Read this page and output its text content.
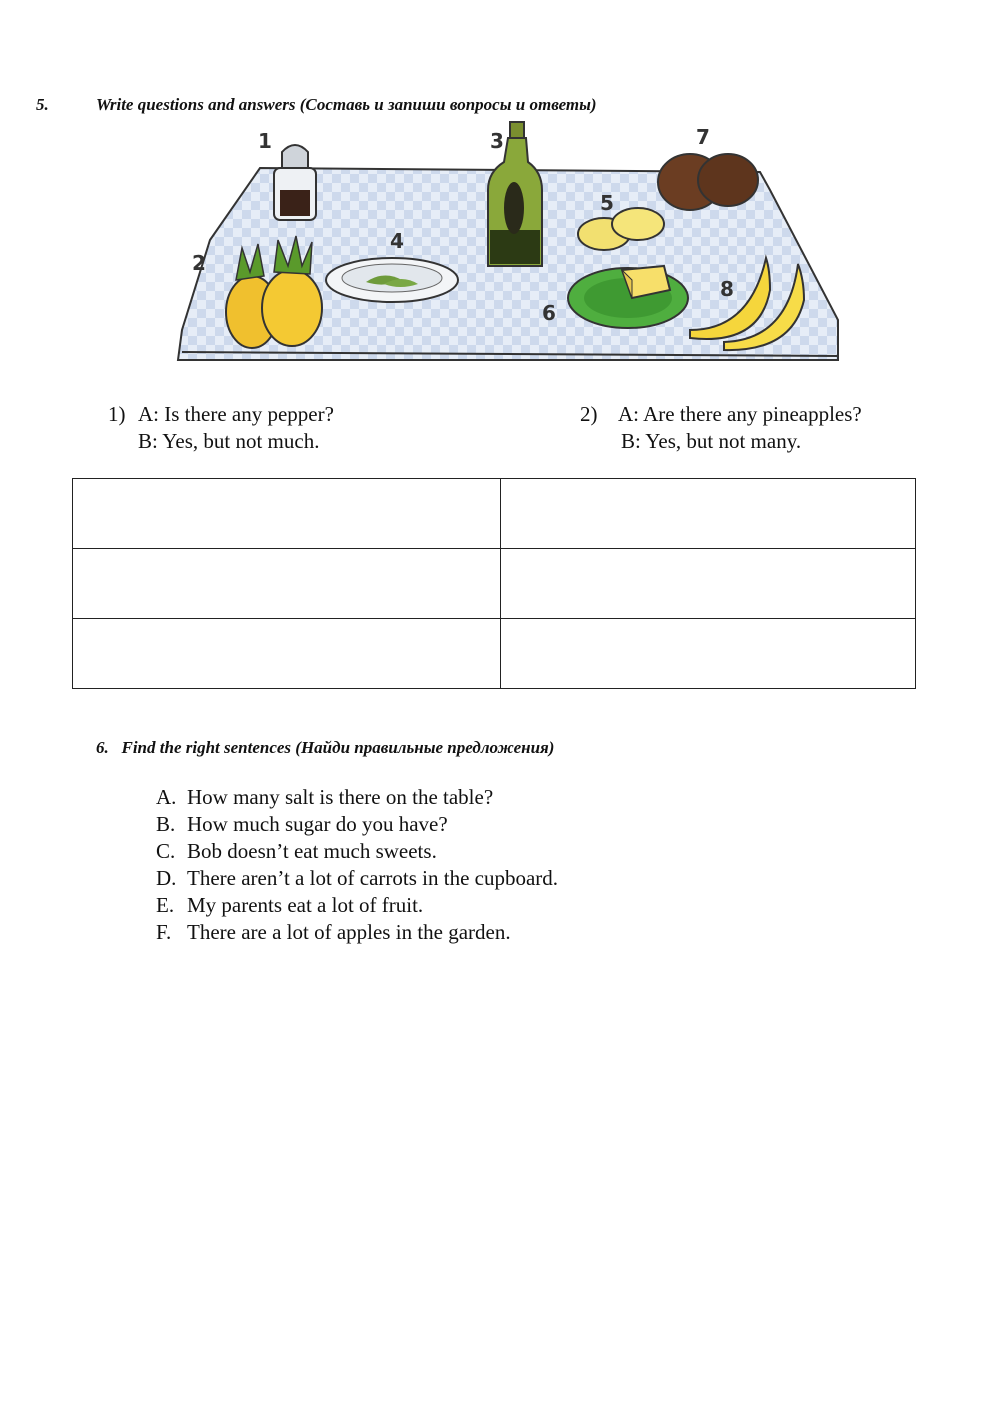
5.	Write questions and answers (Составь и запиши вопросы и ответы)
1
2
3
4
5
6
7
8
1) A: Is there any pepper?
B: Yes, but not much.
2) A: Are there any pineapples?
B: Yes, but not many.

6.   Find the right sentences (Найди правильные предложения)
A. How many salt is there on the table?
B. How much sugar do you have?
C. Bob doesn’t eat much sweets.
D. There aren’t a lot of carrots in the cupboard.
E. My parents eat a lot of fruit.
F. There are a lot of apples in the garden.
